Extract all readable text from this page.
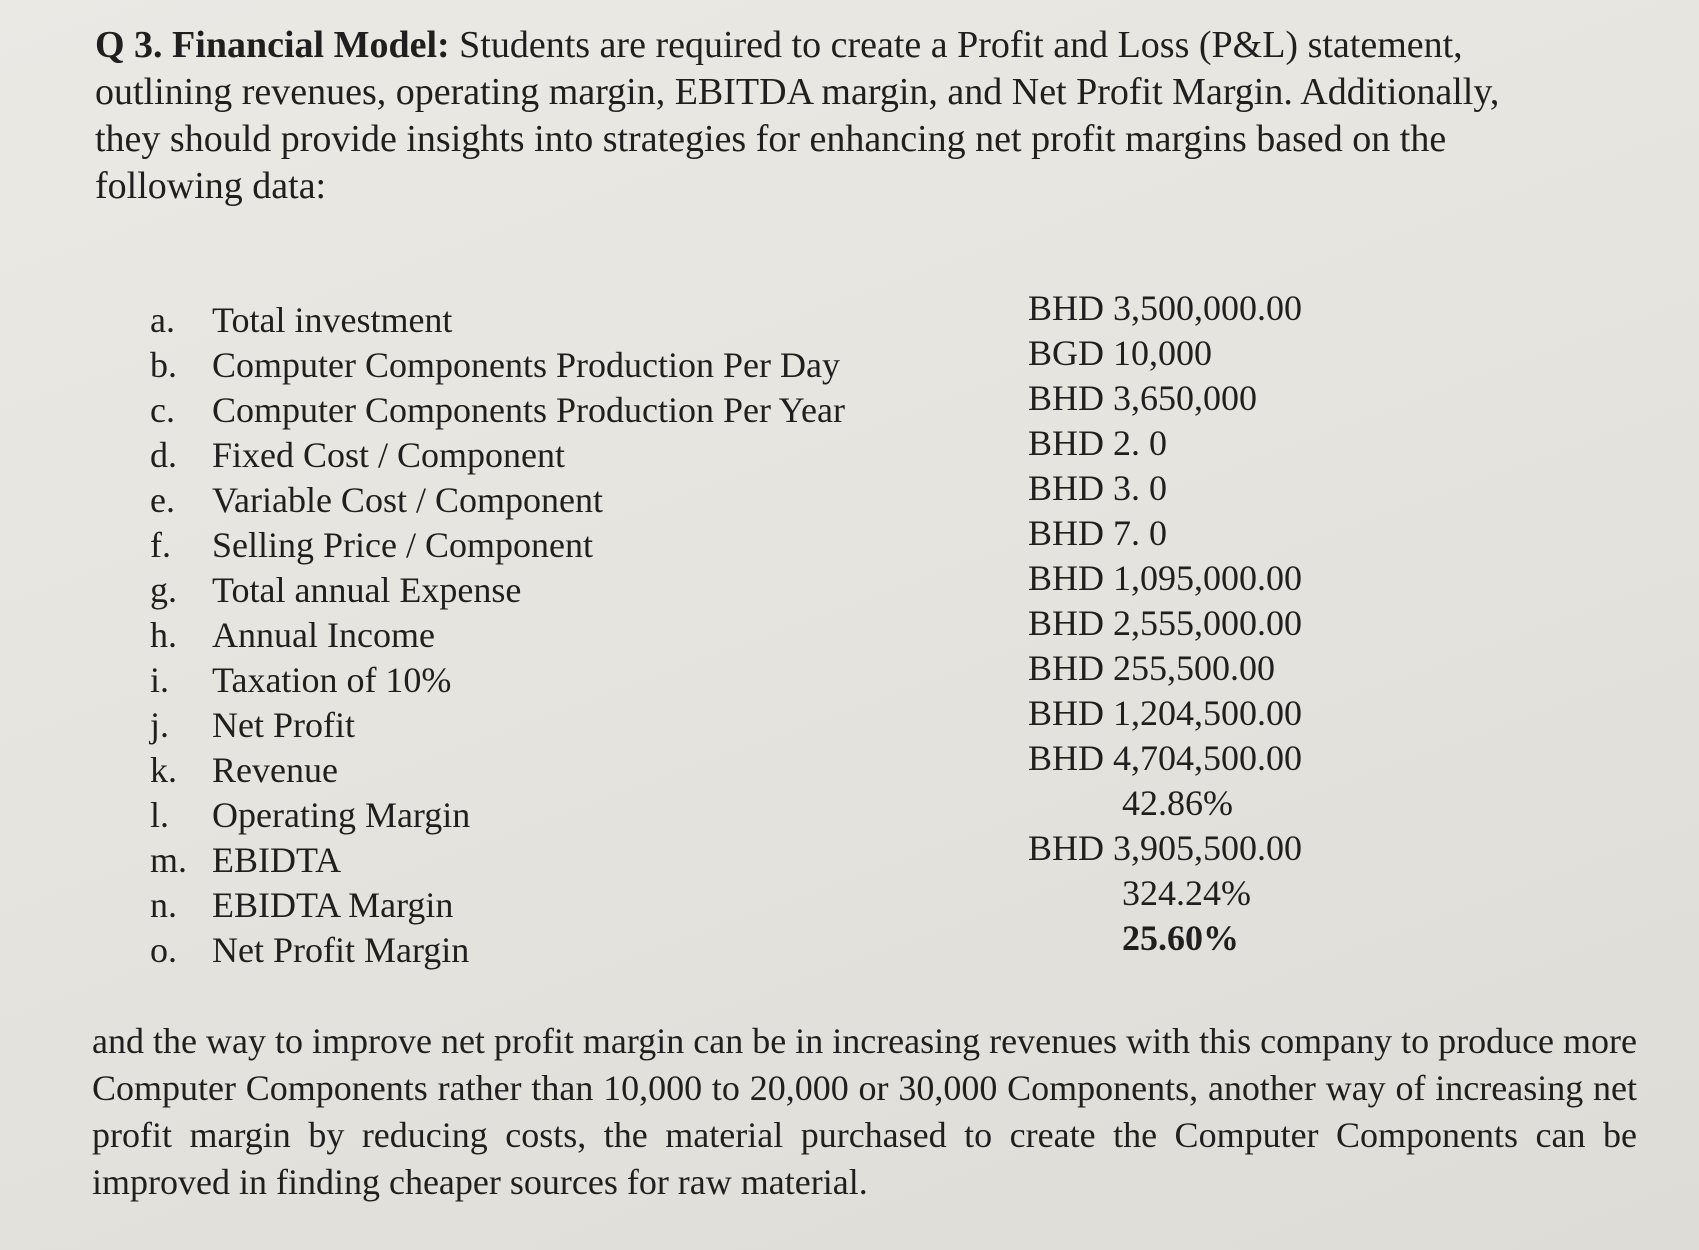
Q 3. Financial Model: Students are required to create a Profit and Loss (P&L) statement, outlining revenues, operating margin, EBITDA margin, and Net Profit Margin. Additionally, they should provide insights into strategies for enhancing net profit margins based on the following data:

a.	Total investment	BHD 3,500,000.00
b. Computer Components Production Per Day	BGD 10,000
c.	Computer Components Production Per Year	BHD 3,650,000
d. Fixed Cost / Component	BHD 2. 0
e.	Variable Cost / Component	BHD 3. 0
f.	Selling Price / Component	BHD 7. 0
g. Total annual Expense	BHD 1,095,000.00
h. Annual Income	BHD 2,555,000.00
i.	Taxation of 10%	BHD 255,500.00
j.	Net Profit	BHD 1,204,500.00
k. Revenue	BHD 4,704,500.00
l.	Operating Margin	42.86%
m. EBIDTA	BHD 3,905,500.00
n. EBIDTA Margin	324.24%
o. Net Profit Margin	25.60%

and the way to improve net profit margin can be in increasing revenues with this company to produce more Computer Components rather than 10,000 to 20,000 or 30,000 Components, another way of increasing net profit margin by reducing costs, the material purchased to create the Computer Components can be improved in finding cheaper sources for raw material.
